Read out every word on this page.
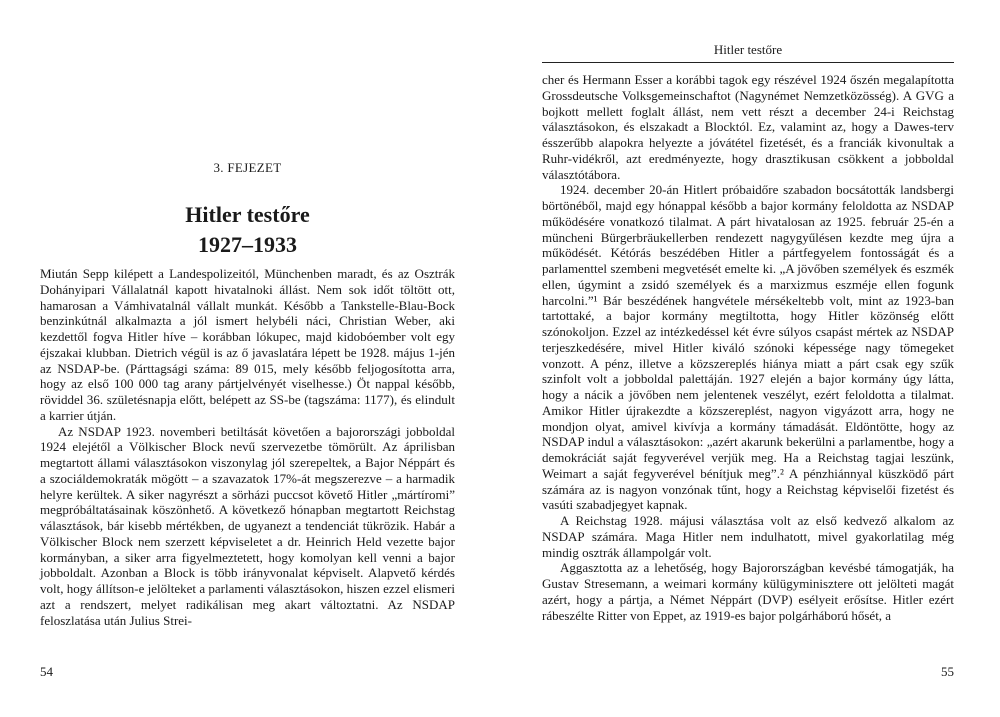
3. FEJEZET
Hitler testőre
1927–1933

Miután Sepp kilépett a Landespolizeitól, Münchenben maradt, és az Osztrák Dohányipari Vállalatnál kapott hivatalnoki állást. Nem sok időt töltött ott, hamarosan a Vámhivatalnál vállalt munkát. Később a Tankstelle-Blau-Bock benzinkútnál alkalmazta a jól ismert helybéli náci, Christian Weber, aki kezdettől fogva Hitler híve – korábban lókupec, majd kidobóember volt egy éjszakai klubban. Dietrich végül is az ő javaslatára lépett be 1928. május 1-jén az NSDAP-be. (Párttagsági száma: 89 015, mely később feljogosította arra, hogy az első 100 000 tag arany pártjelvényét viselhesse.) Öt nappal később, röviddel 36. születésnapja előtt, belépett az SS-be (tagszáma: 1177), és elindult a karrier útján.

Az NSDAP 1923. novemberi betiltását követően a bajorországi jobboldal 1924 elejétől a Völkischer Block nevű szervezetbe tömörült. Az áprilisban megtartott állami választásokon viszonylag jól szerepeltek, a Bajor Néppárt és a szociáldemokraták mögött – a szavazatok 17%-át megszerezve – a harmadik helyre kerültek. A siker nagyrészt a sörházi puccsot követő Hitler „mártíromi” megpróbáltatásainak köszönhető. A következő hónapban megtartott Reichstag választások, bár kisebb mértékben, de ugyanezt a tendenciát tükrözik. Habár a Völkischer Block nem szerzett képviseletet a dr. Heinrich Held vezette bajor kormányban, a siker arra figyelmeztetett, hogy komolyan kell venni a bajor jobboldalt. Azonban a Block is több irányvonalat képviselt. Alapvető kérdés volt, hogy állítson-e jelölteket a parlamenti választásokon, hiszen ezzel elismeri azt a rendszert, melyet radikálisan meg akart változtatni. Az NSDAP feloszlatása után Julius Strei-

54
Hitler testőre

cher és Hermann Esser a korábbi tagok egy részével 1924 őszén megalapította Grossdeutsche Volksgemeinschaftot (Nagynémet Nemzetközösség). A GVG a bojkott mellett foglalt állást, nem vett részt a december 24-i Reichstag választásokon, és elszakadt a Blocktól. Ez, valamint az, hogy a Dawes-terv ésszerűbb alapokra helyezte a jóvátétel fizetését, és a franciák kivonultak a Ruhr-vidékről, azt eredményezte, hogy drasztikusan csökkent a jobboldal választótábora.

1924. december 20-án Hitlert próbaidőre szabadon bocsátották landsbergi börtönéből, majd egy hónappal később a bajor kormány feloldotta az NSDAP működésére vonatkozó tilalmat. A párt hivatalosan az 1925. február 25-én a müncheni Bürgerbräukellerben rendezett nagygyűlésen kezdte meg újra a működését. Kétórás beszédében Hitler a pártfegyelem fontosságát és a parlamenttel szembeni megvetését emelte ki. „A jövőben személyek és eszmék ellen, úgymint a zsidó személyek és a marxizmus eszméje ellen fogunk harcolni.”¹ Bár beszédének hangvétele mérsékeltebb volt, mint az 1923-ban tartottaké, a bajor kormány megtiltotta, hogy Hitler közönség előtt szónokoljon. Ezzel az intézkedéssel két évre súlyos csapást mértek az NSDAP terjeszkedésére, mivel Hitler kiváló szónoki képessége nagy tömegeket vonzott. A pénz, illetve a közszereplés hiánya miatt a párt csak egy szűk szinfolt volt a jobboldal palettáján. 1927 elején a bajor kormány úgy látta, hogy a nácik a jövőben nem jelentenek veszélyt, ezért feloldotta a tilalmat. Amikor Hitler újrakezdte a közszereplést, nagyon vigyázott arra, hogy ne mondjon olyat, amivel kivívja a kormány támadását. Eldöntötte, hogy az NSDAP indul a választásokon: „azért akarunk bekerülni a parlamentbe, hogy a demokráciát saját fegyverével verjük meg. Ha a Reichstag tagjai leszünk, Weimart a saját fegyverével bénítjuk meg”.² A pénzhiánnyal küszködő párt számára az is nagyon vonzónak tűnt, hogy a Reichstag képviselői fizetést és vasúti szabadjegyet kapnak.

A Reichstag 1928. májusi választása volt az első kedvező alkalom az NSDAP számára. Maga Hitler nem indulhatott, mivel gyakorlatilag még mindig osztrák állampolgár volt.

Aggasztotta az a lehetőség, hogy Bajorországban kevésbé támogatják, ha Gustav Stresemann, a weimari kormány külügyminisztere ott jelölteti magát azért, hogy a pártja, a Német Néppárt (DVP) esélyeit erősítse. Hitler ezért rábeszélte Ritter von Eppet, az 1919-es bajor polgárháború hősét, a

55
